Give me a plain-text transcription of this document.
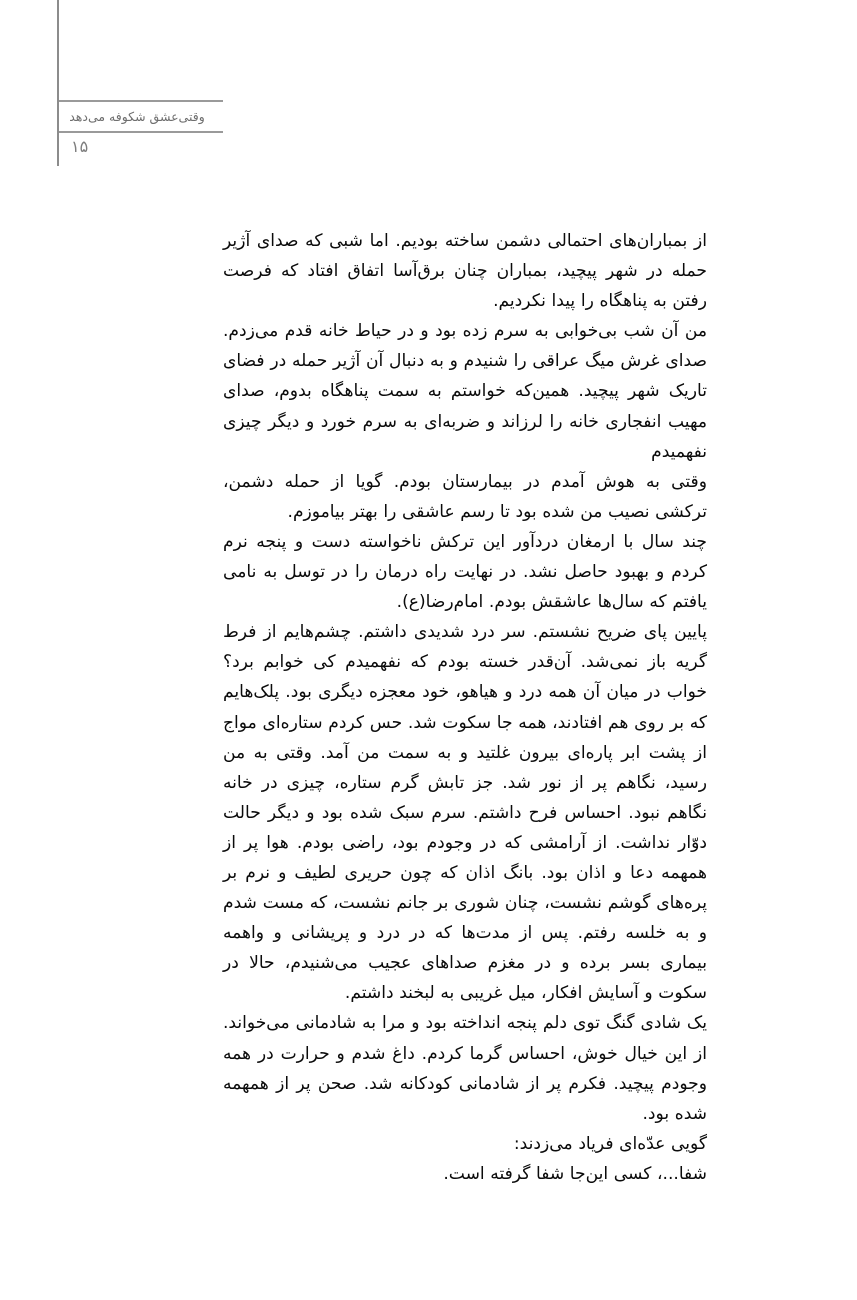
وقتی‌عشق شکوفه می‌دهد
۱۵

از بمباران‌های احتمالی دشمن ساخته بودیم. اما شبی که صدای آژیر حمله در شهر پیچید، بمباران چنان برق‌آسا اتفاق افتاد که فرصت رفتن به پناهگاه را پیدا نکردیم.

من آن شب بی‌خوابی به سرم زده بود و در حیاط خانه قدم می‌زدم. صدای غرش میگ عراقی را شنیدم و به دنبال آن آژیر حمله در فضای تاریک شهر پیچید. همین‌که خواستم به سمت پناهگاه بدوم، صدای مهیب انفجاری خانه را لرزاند و ضربه‌ای به سرم خورد و دیگر چیزی نفهمیدم

وقتی به هوش آمدم در بیمارستان بودم. گویا از حمله دشمن، ترکشی نصیب من شده بود تا رسم عاشقی را بهتر بیاموزم.

چند سال با ارمغان دردآور این ترکش ناخواسته دست و پنجه نرم کردم و بهبود حاصل نشد. در نهایت راه درمان را در توسل به نامی یافتم که سال‌ها عاشقش بودم. امام‌رضا(ع).

پایین پای ضریح نشستم. سر درد شدیدی داشتم. چشم‌هایم از فرط گریه باز نمی‌شد. آن‌قدر خسته بودم که نفهمیدم کی خوابم برد؟ خواب در میان آن همه درد و هیاهو، خود معجزه دیگری بود. پلک‌هایم که بر روی هم افتادند، همه جا سکوت شد. حس کردم ستاره‌ای مواج از پشت ابر پاره‌ای بیرون غلتید و به سمت من آمد. وقتی به من رسید، نگاهم پر از نور شد. جز تابش گرم ستاره، چیزی در خانه نگاهم نبود. احساس فرح داشتم. سرم سبک شده بود و دیگر حالت دوّار نداشت. از آرامشی که در وجودم بود، راضی بودم. هوا پر از همهمه دعا و اذان بود. بانگ اذان که چون حریری لطیف و نرم بر پره‌های گوشم نشست، چنان شوری بر جانم نشست، که مست شدم و به خلسه رفتم. پس از مدت‌ها که در درد و پریشانی و واهمه بیماری بسر برده و در مغزم صداهای عجیب می‌شنیدم، حالا در سکوت و آسایش افکار، میل غریبی به لبخند داشتم.

یک شادی گنگ توی دلم پنجه انداخته بود و مرا به شادمانی می‌خواند. از این خیال خوش، احساس گرما کردم. داغ شدم و حرارت در همه وجودم پیچید. فکرم پر از شادمانی کودکانه شد. صحن پر از همهمه شده بود.

گویی عدّه‌ای فریاد می‌زدند:

شفا...، کسی این‌جا شفا گرفته است.
